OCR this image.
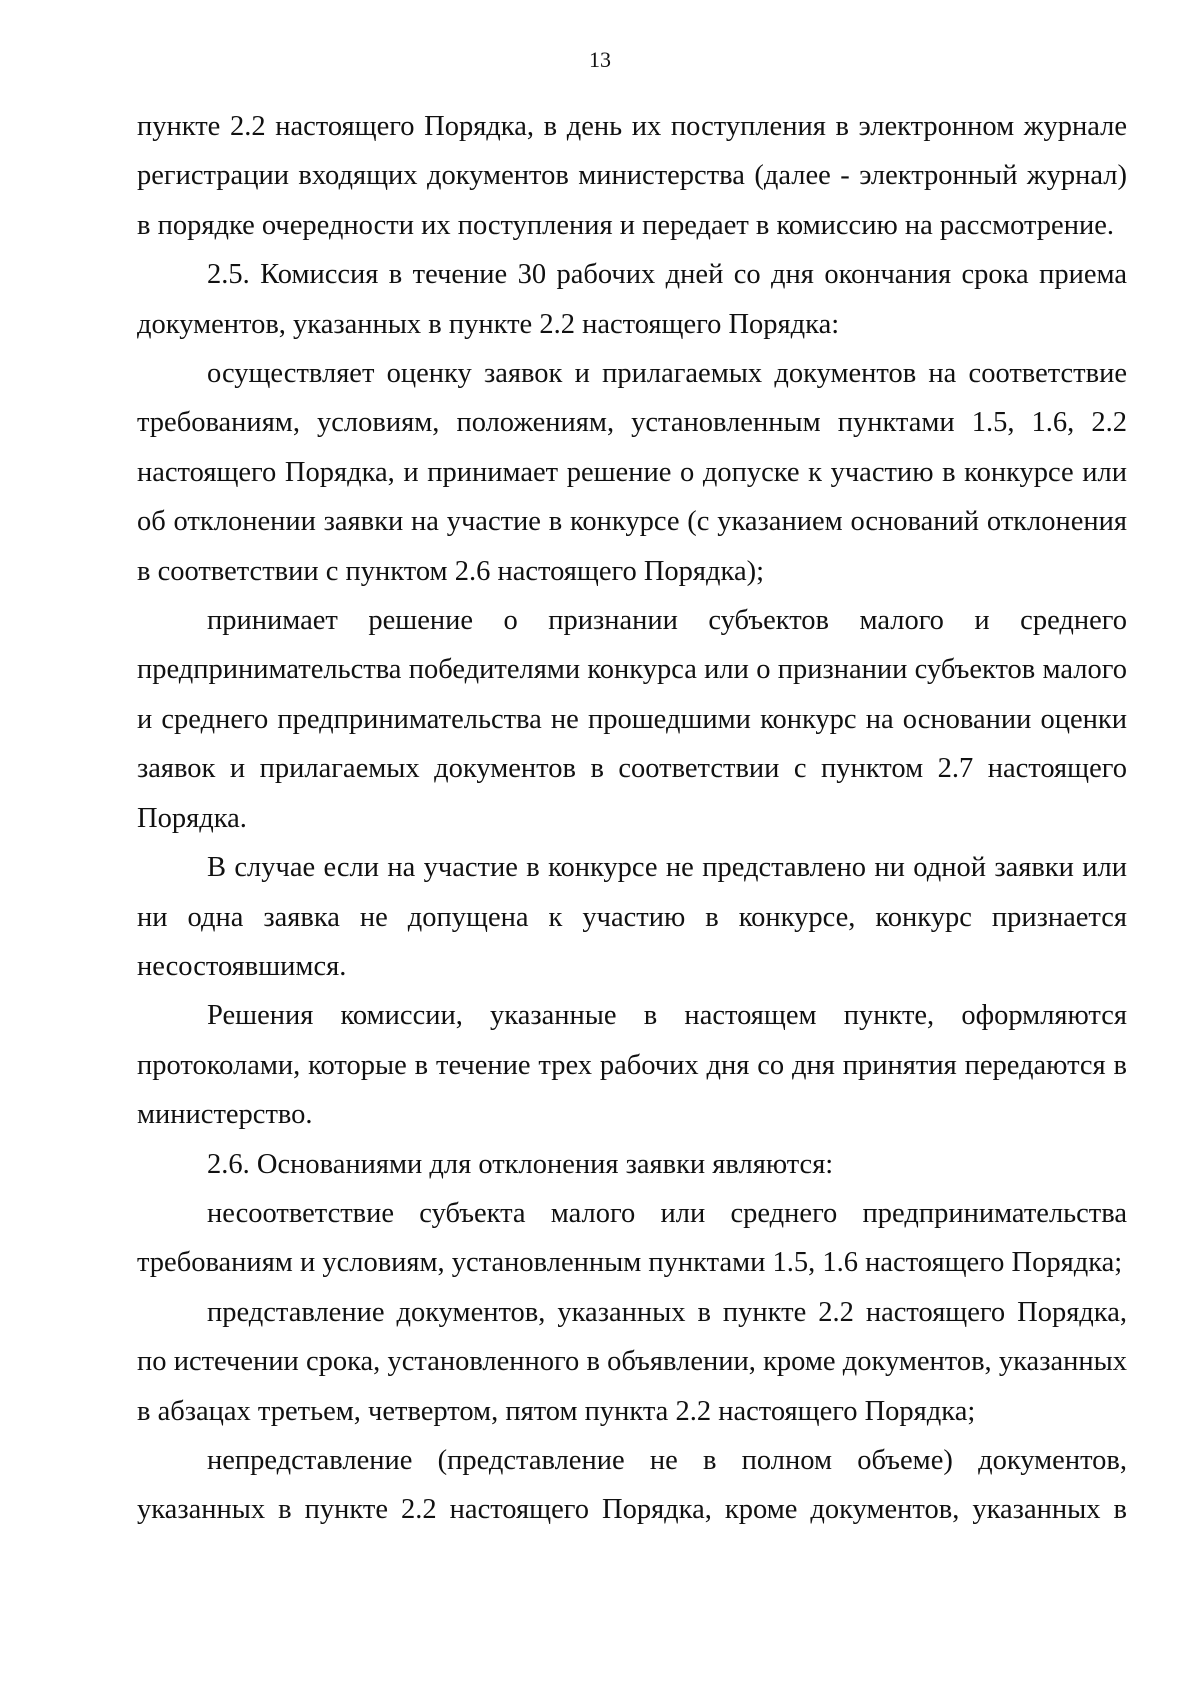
13

пункте 2.2 настоящего Порядка, в день их поступления в электронном журнале регистрации входящих документов министерства (далее - электронный журнал) в порядке очередности их поступления и передает в комиссию на рассмотрение.

2.5. Комиссия в течение 30 рабочих дней со дня окончания срока приема документов, указанных в пункте 2.2 настоящего Порядка:

осуществляет оценку заявок и прилагаемых документов на соответствие требованиям, условиям, положениям, установленным пунктами 1.5, 1.6, 2.2 настоящего Порядка, и принимает решение о допуске к участию в конкурсе или об отклонении заявки на участие в конкурсе (с указанием оснований отклонения в соответствии с пунктом 2.6 настоящего Порядка);

принимает решение о признании субъектов малого и среднего предпринимательства победителями конкурса или о признании субъектов малого и среднего предпринимательства не прошедшими конкурс на основании оценки заявок и прилагаемых документов в соответствии с пунктом 2.7 настоящего Порядка.

В случае если на участие в конкурсе не представлено ни одной заявки или ни одна заявка не допущена к участию в конкурсе, конкурс признается несостоявшимся.

Решения комиссии, указанные в настоящем пункте, оформляются протоколами, которые в течение трех рабочих дня со дня принятия передаются в министерство.

2.6. Основаниями для отклонения заявки являются:

несоответствие субъекта малого или среднего предпринимательства требованиям и условиям, установленным пунктами 1.5, 1.6 настоящего Порядка;

представление документов, указанных в пункте 2.2 настоящего Порядка, по истечении срока, установленного в объявлении, кроме документов, указанных в абзацах третьем, четвертом, пятом пункта 2.2 настоящего Порядка;

непредставление (представление не в полном объеме) документов, указанных в пункте 2.2 настоящего Порядка, кроме документов, указанных в
